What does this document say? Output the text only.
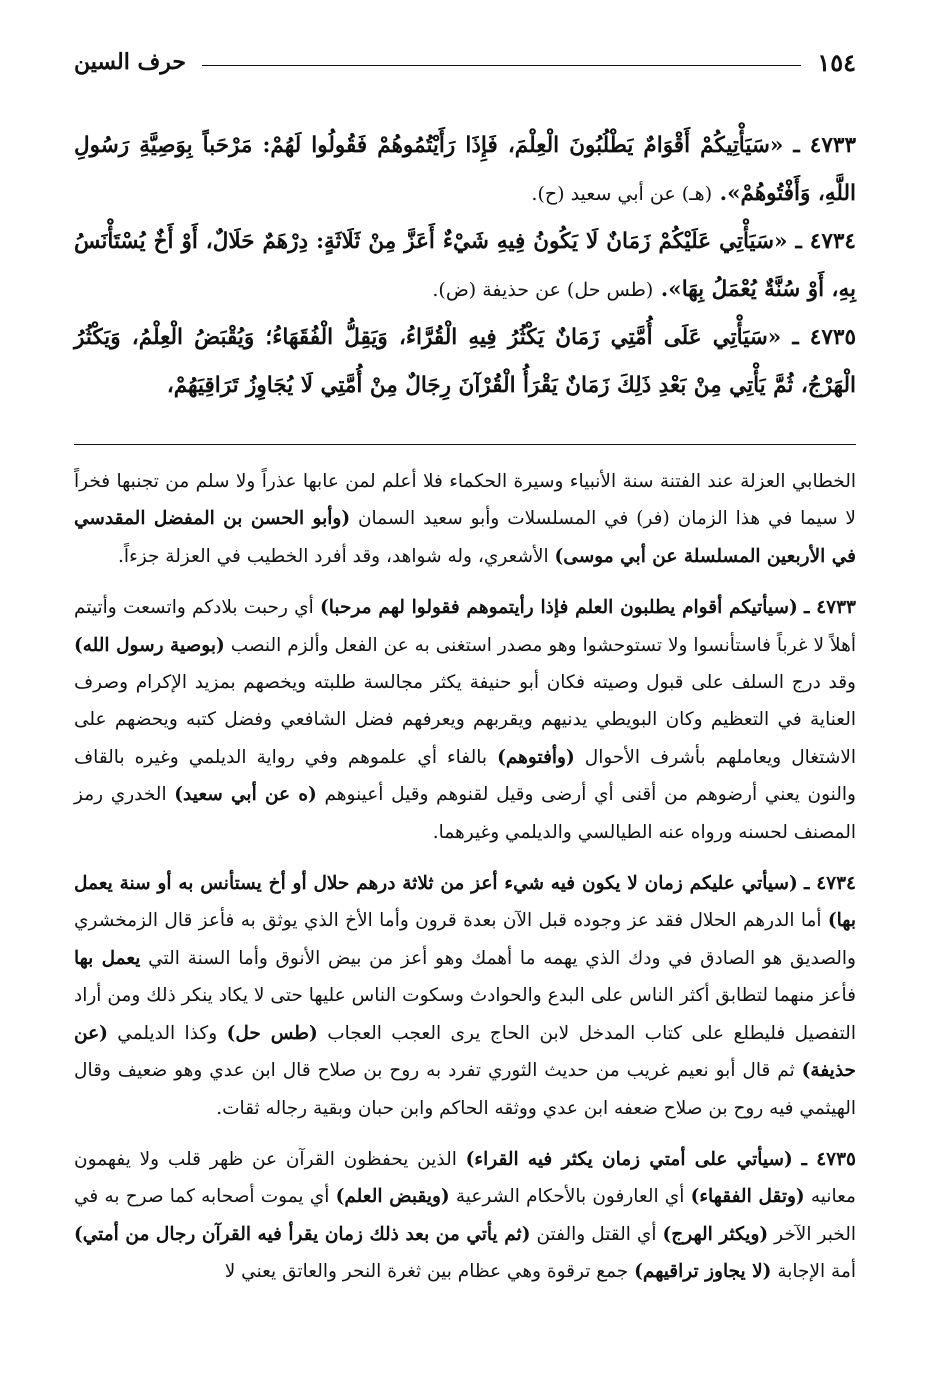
١٥٤
حرف السين

٤٧٣٣ ـ «سَيَأْتِيكُمْ أَقْوَامٌ يَطْلُبُونَ الْعِلْمَ، فَإِذَا رَأَيْتُمُوهُمْ فَقُولُوا لَهُمْ: مَرْحَباً بِوَصِيَّةِ رَسُولِ اللَّهِ، وَأَفْتُوهُمْ». (هـ) عن أبي سعيد (ح).

٤٧٣٤ ـ «سَيَأْتِي عَلَيْكُمْ زَمَانٌ لَا يَكُونُ فِيهِ شَيْءٌ أَعَزَّ مِنْ ثَلَاثَةٍ: دِرْهَمٌ حَلَالٌ، أَوْ أَخٌ يُسْتَأْنَسُ بِهِ، أَوْ سُنَّةٌ يُعْمَلُ بِهَا». (طس حل) عن حذيفة (ض).

٤٧٣٥ ـ «سَيَأْتِي عَلَى أُمَّتِي زَمَانٌ يَكْثُرُ فِيهِ الْقُرَّاءُ، وَيَقِلُّ الْفُقَهَاءُ؛ وَيُقْبَضُ الْعِلْمُ، وَيَكْثُرُ الْهَرْجُ، ثُمَّ يَأْتِي مِنْ بَعْدِ ذَلِكَ زَمَانٌ يَقْرَأُ الْقُرْآنَ رِجَالٌ مِنْ أُمَّتِي لَا يُجَاوِزُ تَرَاقِيَهُمْ،

الخطابي العزلة عند الفتنة سنة الأنبياء وسيرة الحكماء فلا أعلم لمن عابها عذراً ولا سلم من تجنبها فخراً لا سيما في هذا الزمان (فر) في المسلسلات وأبو سعيد السمان (وأبو الحسن بن المفضل المقدسي في الأربعين المسلسلة عن أبي موسى) الأشعري، وله شواهد، وقد أفرد الخطيب في العزلة جزءاً.

٤٧٣٣ ـ (سيأتيكم أقوام يطلبون العلم فإذا رأيتموهم فقولوا لهم مرحبا) أي رحبت بلادكم واتسعت وأتيتم أهلاً لا غرباً فاستأنسوا ولا تستوحشوا وهو مصدر استغنى به عن الفعل وألزم النصب (بوصية رسول الله) وقد درج السلف على قبول وصيته فكان أبو حنيفة يكثر مجالسة طلبته ويخصهم بمزيد الإكرام وصرف العناية في التعظيم وكان البويطي يدنيهم ويقربهم ويعرفهم فضل الشافعي وفضل كتبه ويحضهم على الاشتغال ويعاملهم بأشرف الأحوال (وأفتوهم) بالفاء أي علموهم وفي رواية الديلمي وغيره بالقاف والنون يعني أرضوهم من أقنى أي أرضى وقيل لقنوهم وقيل أعينوهم (ه عن أبي سعيد) الخدري رمز المصنف لحسنه ورواه عنه الطيالسي والديلمي وغيرهما.

٤٧٣٤ ـ (سيأتي عليكم زمان لا يكون فيه شيء أعز من ثلاثة درهم حلال أو أخ يستأنس به أو سنة يعمل بها) أما الدرهم الحلال فقد عز وجوده قبل الآن بعدة قرون وأما الأخ الذي يوثق به فأعز قال الزمخشري والصديق هو الصادق في ودك الذي يهمه ما أهمك وهو أعز من بيض الأنوق وأما السنة التي يعمل بها فأعز منهما لتطابق أكثر الناس على البدع والحوادث وسكوت الناس عليها حتى لا يكاد ينكر ذلك ومن أراد التفصيل فليطلع على كتاب المدخل لابن الحاج يرى العجب العجاب (طس حل) وكذا الديلمي (عن حذيفة) ثم قال أبو نعيم غريب من حديث الثوري تفرد به روح بن صلاح قال ابن عدي وهو ضعيف وقال الهيثمي فيه روح بن صلاح ضعفه ابن عدي ووثقه الحاكم وابن حبان وبقية رجاله ثقات.

٤٧٣٥ ـ (سيأتي على أمتي زمان يكثر فيه القراء) الذين يحفظون القرآن عن ظهر قلب ولا يفهمون معانيه (وتقل الفقهاء) أي العارفون بالأحكام الشرعية (ويقبض العلم) أي يموت أصحابه كما صرح به في الخبر الآخر (ويكثر الهرج) أي القتل والفتن (ثم يأتي من بعد ذلك زمان يقرأ فيه القرآن رجال من أمتي) أمة الإجابة (لا يجاوز تراقيهم) جمع ترقوة وهي عظام بين ثغرة النحر والعاتق يعني لا
